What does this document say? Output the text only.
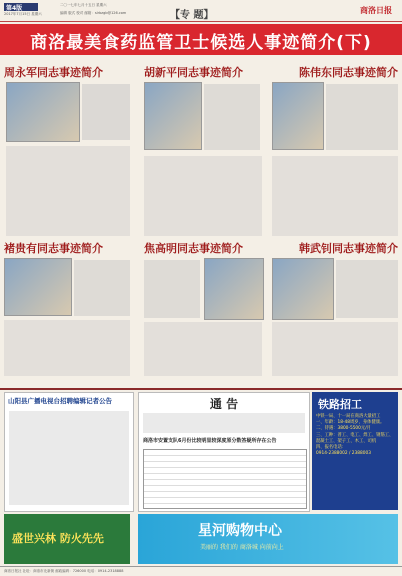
第4版
2017年7月15日 星期六
二〇一七年七月十五日 星期六
编辑 版式 校对 邮箱：slrbzgb@126.com	【专 题】	商洛日报
商洛最美食药监管卫士候选人事迹简介(下)
周永军同志事迹简介	胡新平同志事迹简介	陈伟东同志事迹简介
褚贵有同志事迹简介	焦高明同志事迹简介	韩武钊同志事迹简介
山阳县广播电视台招聘编辑记者公告	通 告
商洛市安置支队6月份比较明显较深度原分数答疑所存在公告
铁路招工
中铁一局、十一局在商洛大量招工
一、年龄：18-48周岁，身体健康。
二、待遇：3800-5500元/月
三、工种：普工、电工、焊工、钢筋工、混凝土工、架子工、木工、司机
四、报名电话：
0914-2388002 / 2388003
盛世兴林 防火先先	星河购物中心
美丽的 我们的 商洛城 向前向上
商洛日报社 社址：商洛市北新街 邮政编码：726000 电话：0914-2318888
